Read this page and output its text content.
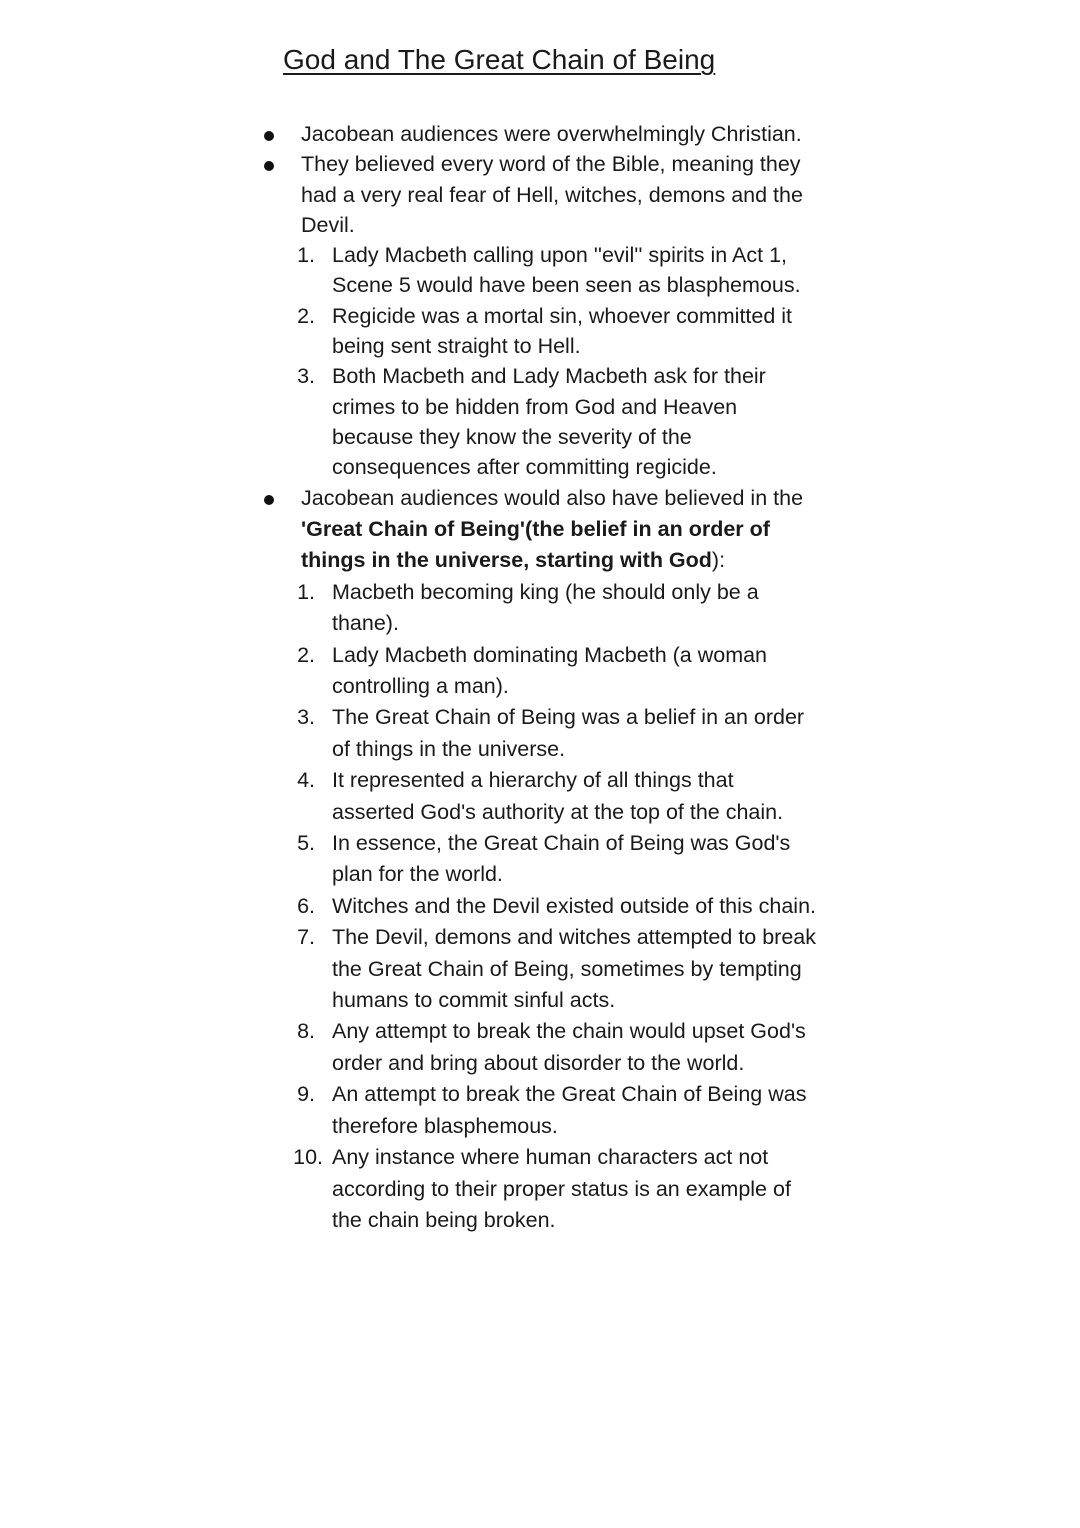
God and The Great Chain of Being
Jacobean audiences were overwhelmingly Christian.
They believed every word of the Bible, meaning they had a very real fear of Hell, witches, demons and the Devil.
1. Lady Macbeth calling upon ''evil'' spirits in Act 1, Scene 5 would have been seen as blasphemous.
2. Regicide was a mortal sin, whoever committed it being sent straight to Hell.
3. Both Macbeth and Lady Macbeth ask for their crimes to be hidden from God and Heaven because they know the severity of the consequences after committing regicide.
Jacobean audiences would also have believed in the 'Great Chain of Being'(the belief in an order of things in the universe, starting with God):
1. Macbeth becoming king (he should only be a thane).
2. Lady Macbeth dominating Macbeth (a woman controlling a man).
3. The Great Chain of Being was a belief in an order of things in the universe.
4. It represented a hierarchy of all things that asserted God's authority at the top of the chain.
5. In essence, the Great Chain of Being was God's plan for the world.
6. Witches and the Devil existed outside of this chain.
7. The Devil, demons and witches attempted to break the Great Chain of Being, sometimes by tempting humans to commit sinful acts.
8. Any attempt to break the chain would upset God's order and bring about disorder to the world.
9. An attempt to break the Great Chain of Being was therefore blasphemous.
10. Any instance where human characters act not according to their proper status is an example of the chain being broken.
